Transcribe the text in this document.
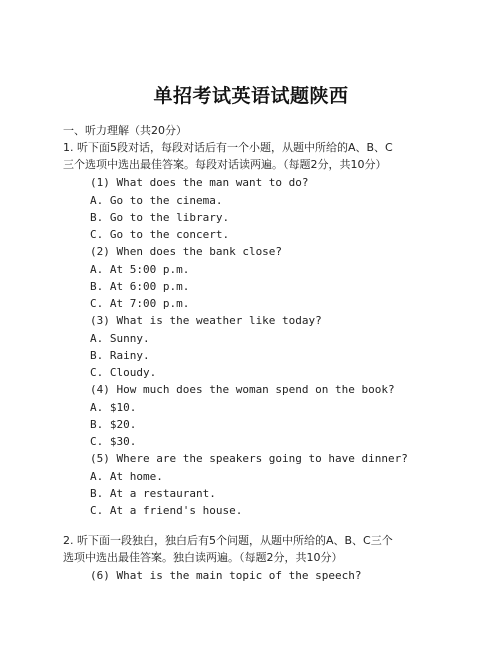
单招考试英语试题陕西
一、听力理解（共20分）
1. 听下面5段对话，每段对话后有一个小题，从题中所给的A、B、C
三个选项中选出最佳答案。每段对话读两遍。（每题2分，共10分）
(1) What does the man want to do?
A. Go to the cinema.
B. Go to the library.
C. Go to the concert.
(2) When does the bank close?
A. At 5:00 p.m.
B. At 6:00 p.m.
C. At 7:00 p.m.
(3) What is the weather like today?
A. Sunny.
B. Rainy.
C. Cloudy.
(4) How much does the woman spend on the book?
A. $10.
B. $20.
C. $30.
(5) Where are the speakers going to have dinner?
A. At home.
B. At a restaurant.
C. At a friend's house.
2. 听下面一段独白，独白后有5个问题，从题中所给的A、B、C三个
选项中选出最佳答案。独白读两遍。（每题2分，共10分）
(6) What is the main topic of the speech?
